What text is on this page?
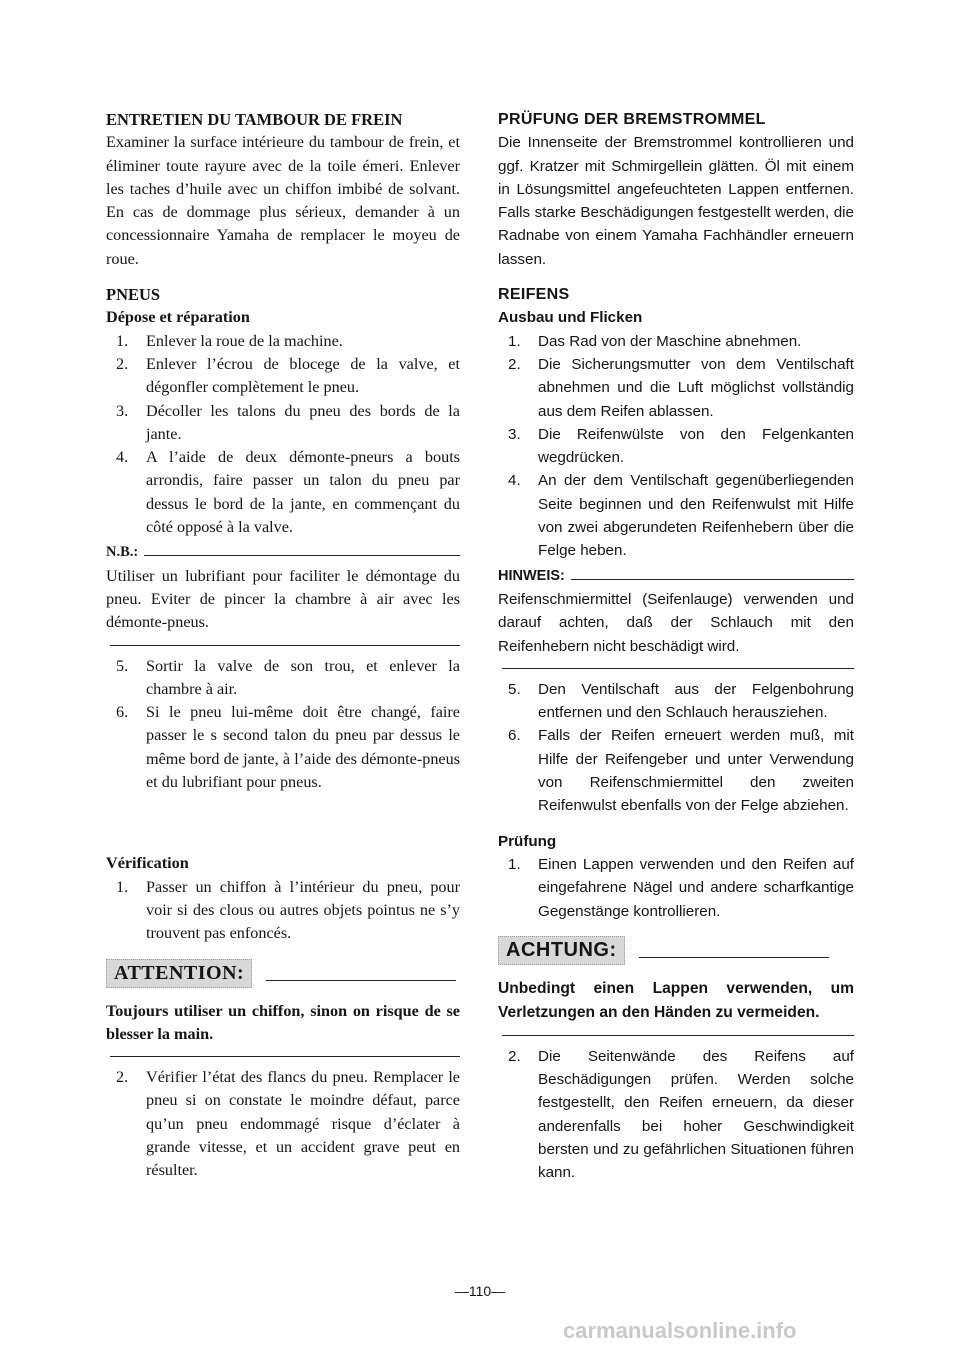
ENTRETIEN DU TAMBOUR DE FREIN

Examiner la surface intérieure du tambour de frein, et éliminer toute rayure avec de la toile émeri. Enlever les taches d’huile avec un chiffon imbibé de solvant. En cas de dommage plus sérieux, demander à un concessionnaire Yamaha de remplacer le moyeu de roue.

PNEUS

Dépose et réparation

1. Enlever la roue de la machine.
2. Enlever l’écrou de blocege de la valve, et dégonfler complètement le pneu.
3. Décoller les talons du pneu des bords de la jante.
4. A l’aide de deux démonte-pneurs a bouts arrondis, faire passer un talon du pneu par dessus le bord de la jante, en commençant du côté opposé à la valve.
N.B.:

Utiliser un lubrifiant pour faciliter le démontage du pneu. Eviter de pincer la chambre à air avec les démonte-pneus.

5. Sortir la valve de son trou, et enlever la chambre à air.
6. Si le pneu lui-même doit être changé, faire passer le s second talon du pneu par dessus le même bord de jante, à l’aide des démonte-pneus et du lubrifiant pour pneus.

Vérification

1. Passer un chiffon à l’intérieur du pneu, pour voir si des clous ou autres objets pointus ne s’y trouvent pas enfoncés.
ATTENTION:

Toujours utiliser un chiffon, sinon on risque de se blesser la main.

2. Vérifier l’état des flancs du pneu. Remplacer le pneu si on constate le moindre défaut, parce qu’un pneu endommagé risque d’éclater à grande vitesse, et un accident grave peut en résulter.

PRÜFUNG DER BREMSTROMMEL

Die Innenseite der Bremstrommel kontrollieren und ggf. Kratzer mit Schmirgellein glätten. Öl mit einem in Lösungsmittel angefeuchteten Lappen entfernen. Falls starke Beschädigungen festgestellt werden, die Radnabe von einem Yamaha Fachhändler erneuern lassen.

REIFENS

Ausbau und Flicken

1. Das Rad von der Maschine abnehmen.
2. Die Sicherungsmutter von dem Ventilschaft abnehmen und die Luft möglichst vollständig aus dem Reifen ablassen.
3. Die Reifenwülste von den Felgenkanten wegdrücken.
4. An der dem Ventilschaft gegenüberliegenden Seite beginnen und den Reifenwulst mit Hilfe von zwei abgerundeten Reifenhebern über die Felge heben.
HINWEIS:

Reifenschmiermittel (Seifenlauge) verwenden und darauf achten, daß der Schlauch mit den Reifenhebern nicht beschädigt wird.

5. Den Ventilschaft aus der Felgenbohrung entfernen und den Schlauch herausziehen.
6. Falls der Reifen erneuert werden muß, mit Hilfe der Reifengeber und unter Verwendung von Reifenschmiermittel den zweiten Reifenwulst ebenfalls von der Felge abziehen.

Prüfung

1. Einen Lappen verwenden und den Reifen auf eingefahrene Nägel und andere scharfkantige Gegenstänge kontrollieren.
ACHTUNG:

Unbedingt einen Lappen verwenden, um Verletzungen an den Händen zu vermeiden.

2. Die Seitenwände des Reifens auf Beschädigungen prüfen. Werden solche festgestellt, den Reifen erneuern, da dieser anderenfalls bei hoher Geschwindigkeit bersten und zu gefährlichen Situationen führen kann.
—110—
carmanualsonline.info
